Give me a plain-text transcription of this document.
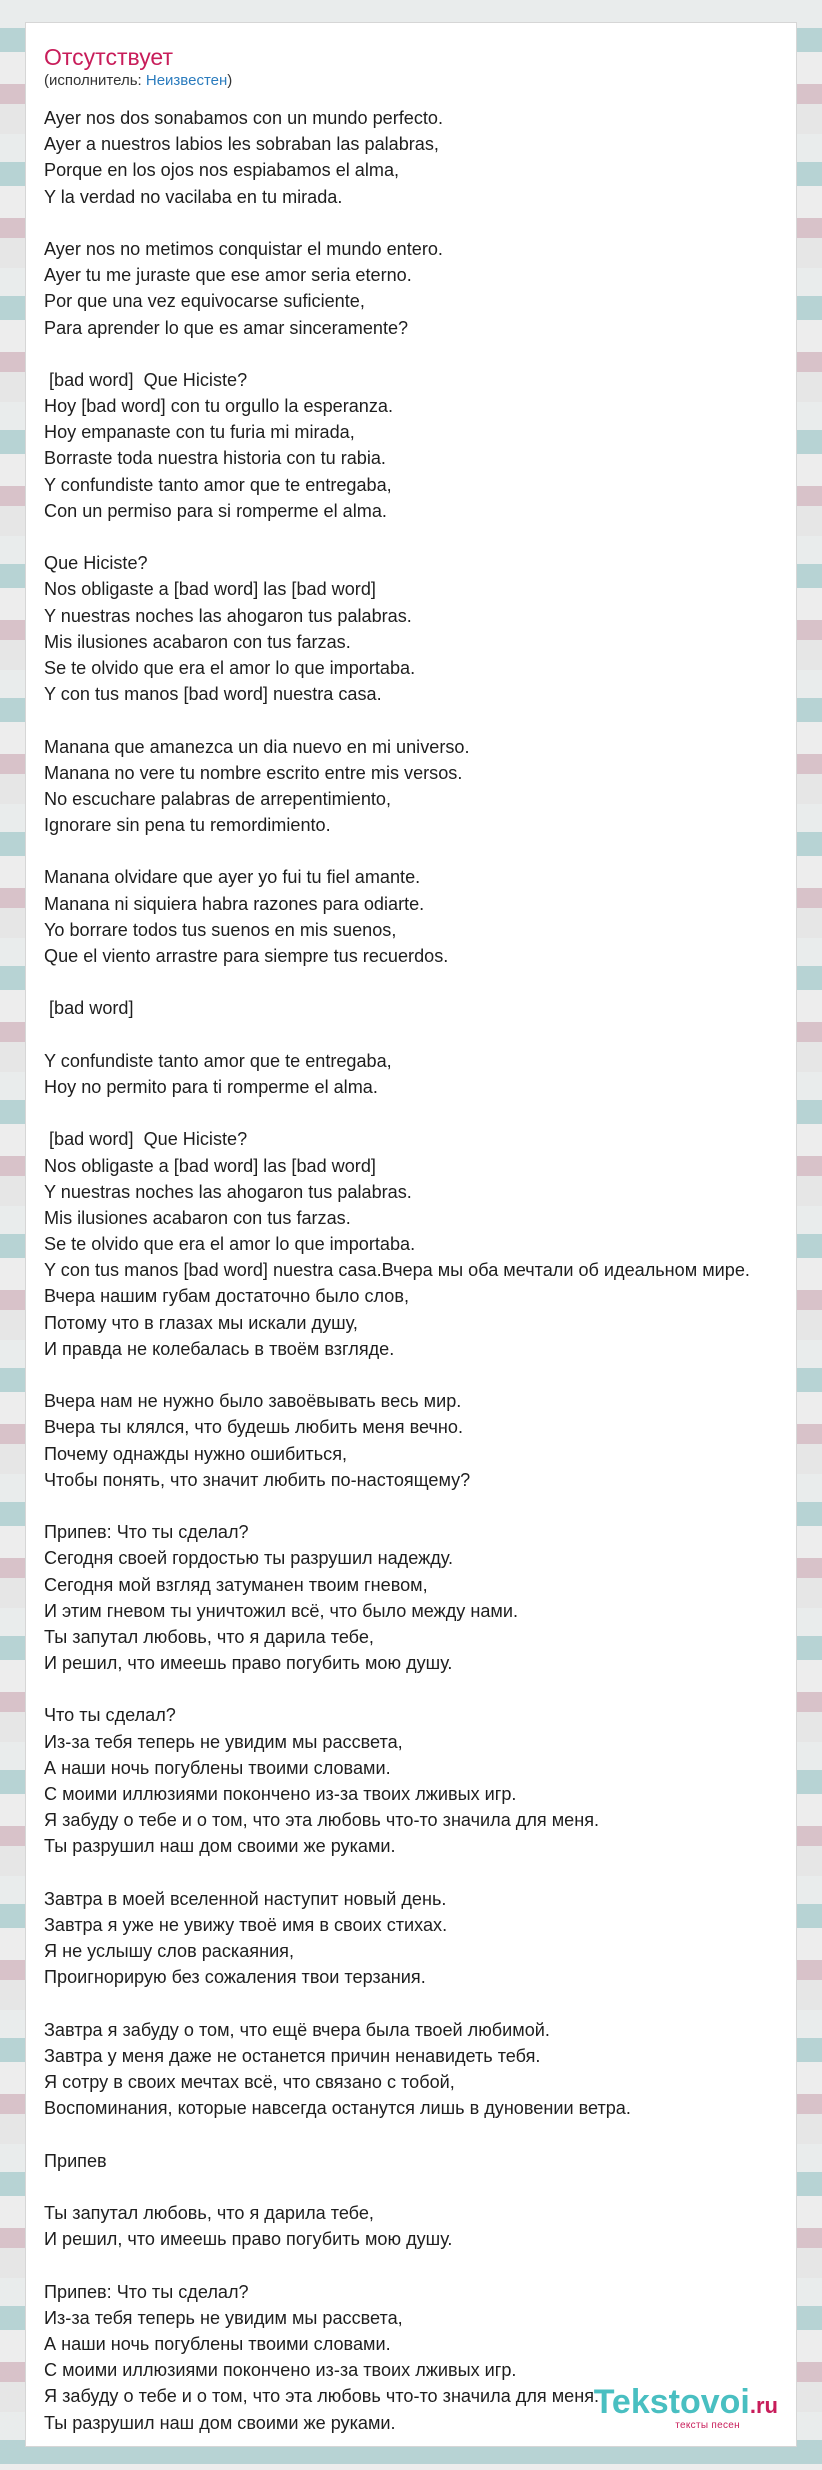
Отсутствует
(исполнитель: Неизвестен)
Ayer nos dos sonabamos con un mundo perfecto.
Ayer a nuestros labios les sobraban las palabras,
Porque en los ojos nos espiabamos el alma,
Y la verdad no vacilaba en tu mirada.
Ayer nos no metimos conquistar el mundo entero.
Ayer tu me juraste que ese amor seria eterno.
Por que una vez equivocarse suficiente,
Para aprender lo que es amar sinceramente?
[bad word]  Que Hiciste?
Hoy [bad word] con tu orgullo la esperanza.
Hoy empanaste con tu furia mi mirada,
Borraste toda nuestra historia con tu rabia.
Y confundiste tanto amor que te entregaba,
Con un permiso para si romperme el alma.
Que Hiciste?
Nos obligaste a [bad word] las [bad word]
Y nuestras noches las ahogaron tus palabras.
Mis ilusiones acabaron con tus farzas.
Se te olvido que era el amor lo que importaba.
Y con tus manos [bad word] nuestra casa.
Manana que amanezca un dia nuevo en mi universo.
Manana no vere tu nombre escrito entre mis versos.
No escuchare palabras de arrepentimiento,
Ignorare sin pena tu remordimiento.
Manana olvidare que ayer yo fui tu fiel amante.
Manana ni siquiera habra razones para odiarte.
Yo borrare todos tus suenos en mis suenos,
Que el viento arrastre para siempre tus recuerdos.
[bad word]
Y confundiste tanto amor que te entregaba,
Hoy no permito para ti romperme el alma.
[bad word]  Que Hiciste?
Nos obligaste a [bad word] las [bad word]
Y nuestras noches las ahogaron tus palabras.
Mis ilusiones acabaron con tus farzas.
Se te olvido que era el amor lo que importaba.
Y con tus manos [bad word] nuestra casa.Вчера мы оба мечтали об идеальном мире.
Вчера нашим губам достаточно было слов,
Потому что в глазах мы искали душу,
И правда не колебалась в твоём взгляде.
Вчера нам не нужно было завоёвывать весь мир.
Вчера ты клялся, что будешь любить меня вечно.
Почему однажды нужно ошибиться,
Чтобы понять, что значит любить по-настоящему?
Припев: Что ты сделал?
Сегодня своей гордостью ты разрушил надежду.
Сегодня мой взгляд затуманен твоим гневом,
И этим гневом ты уничтожил всё, что было между нами.
Ты запутал любовь, что я дарила тебе,
И решил, что имеешь право погубить мою душу.
Что ты сделал?
Из-за тебя теперь не увидим мы рассвета,
А наши ночь погублены твоими словами.
С моими иллюзиями покончено из-за твоих лживых игр.
Я забуду о тебе и о том, что эта любовь что-то значила для меня.
Ты разрушил наш дом своими же руками.
Завтра в моей вселенной наступит новый день.
Завтра я уже не увижу твоё имя в своих стихах.
Я не услышу слов раскаяния,
Проигнорирую без сожаления твои терзания.
Завтра я забуду о том, что ещё вчера была твоей любимой.
Завтра у меня даже не останется причин ненавидеть тебя.
Я сотру в своих мечтах всё, что связано с тобой,
Воспоминания, которые навсегда останутся лишь в дуновении ветра.
Припев
Ты запутал любовь, что я дарила тебе,
И решил, что имеешь право погубить мою душу.
Припев: Что ты сделал?
Из-за тебя теперь не увидим мы рассвета,
А наши ночь погублены твоими словами.
С моими иллюзиями покончено из-за твоих лживых игр.
Я забуду о тебе и о том, что эта любовь что-то значила для меня.
Ты разрушил наш дом своими же руками.
Tekstovoi.ru
тексты песен
